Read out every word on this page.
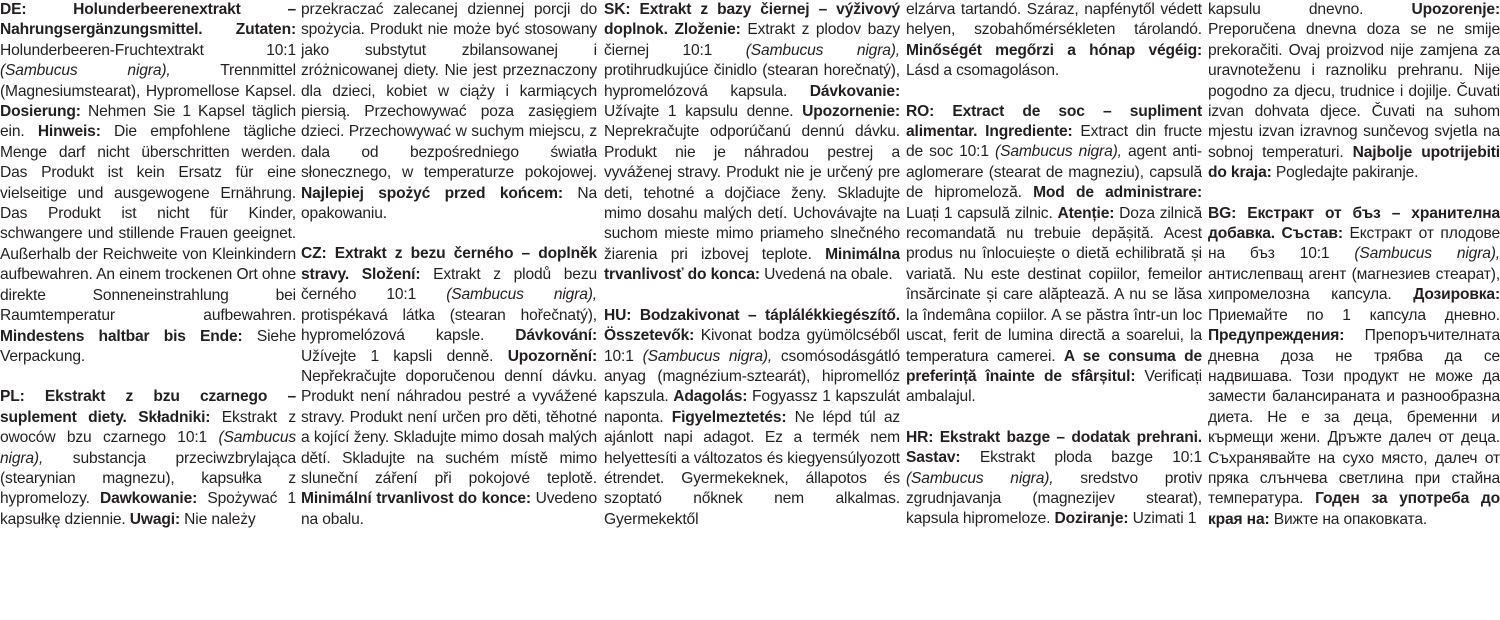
DE: Holunderbeerenextrakt – Nahrungsergänzungsmittel. Zutaten: Holunderbeeren-Fruchtextrakt 10:1 (Sambucus nigra), Trennmittel (Magnesiumstearat), Hypromellose Kapsel. Dosierung: Nehmen Sie 1 Kapsel täglich ein. Hinweis: Die empfohlene tägliche Menge darf nicht überschritten werden. Das Produkt ist kein Ersatz für eine vielseitige und ausgewogene Ernährung. Das Produkt ist nicht für Kinder, schwangere und stillende Frauen geeignet. Außerhalb der Reichweite von Kleinkindern aufbewahren. An einem trockenen Ort ohne direkte Sonneneinstrahlung bei Raumtemperatur aufbewahren. Mindestens haltbar bis Ende: Siehe Verpackung.

PL: Ekstrakt z bzu czarnego – suplement diety. Składniki: Ekstrakt z owoców bzu czarnego 10:1 (Sambucus nigra), substancja przeciwzbrylająca (stearynian magnezu), kapsułka z hypromelozy. Dawkowanie: Spożywać 1 kapsułkę dziennie. Uwagi: Nie należy

przekraczać zalecanej dziennej porcji do spożycia. Produkt nie może być stosowany jako substytut zbilansowanej i zróżnicowanej diety. Nie jest przeznaczony dla dzieci, kobiet w ciąży i karmiących piersią. Przechowywać poza zasięgiem dzieci. Przechowywać w suchym miejscu, z dala od bezpośredniego światła słonecznego, w temperaturze pokojowej. Najlepiej spożyć przed końcem: Na opakowaniu.

CZ: Extrakt z bezu černého – doplněk stravy. Složení: Extrakt z plodů bezu černého 10:1 (Sambucus nigra), protispékavá látka (stearan hořečnatý), hypromelózová kapsle. Dávkování: Užívejte 1 kapsli denně. Upozornění: Nepřekračujte doporučenou denní dávku. Produkt není náhradou pestré a vyvážené stravy. Produkt není určen pro děti, těhotné a kojící ženy. Skladujte mimo dosah malých dětí. Skladujte na suchém místě mimo sluneční záření při pokojové teplotě. Minimální trvanlivost do konce: Uvedeno na obalu.

SK: Extrakt z bazy čiernej – výživový doplnok. Zloženie: Extrakt z plodov bazy čiernej 10:1 (Sambucus nigra), protihrudkujúce činidlo (stearan horečnatý), hypromelózová kapsula. Dávkovanie: Užívajte 1 kapsulu denne. Upozornenie: Neprekračujte odporúčanú dennú dávku. Produkt nie je náhradou pestrej a vyváženej stravy. Produkt nie je určený pre deti, tehotné a dojčiace ženy. Skladujte mimo dosahu malých detí. Uchovávajte na suchom mieste mimo priameho slnečného žiarenia pri izbovej teplote. Minimálna trvanlivosť do konca: Uvedená na obale.

HU: Bodzakivonat – táplálékkiegészítő. Összetevők: Kivonat bodza gyümölcséből 10:1 (Sambucus nigra), csomósodásgátló anyag (magnézium-sztearát), hipromellóz kapszula. Adagolás: Fogyassz 1 kapszulát naponta. Figyelmeztetés: Ne lépd túl az ajánlott napi adagot. Ez a termék nem helyettesíti a változatos és kiegyensúlyozott étrendet. Gyermekeknek, állapotos és szoptató nőknek nem alkalmas. Gyermekektől

elzárva tartandó. Száraz, napfénytől védett helyen, szobahőmérsékleten tárolandó. Minőségét megőrzi a hónap végéig: Lásd a csomagoláson.

RO: Extract de soc – supliment alimentar. Ingrediente: Extract din fructe de soc 10:1 (Sambucus nigra), agent anti-aglomerare (stearat de magneziu), capsulă de hipromeloză. Mod de administrare: Luați 1 capsulă zilnic. Atenție: Doza zilnică recomandată nu trebuie depășită. Acest produs nu înlocuiește o dietă echilibrată și variată. Nu este destinat copiilor, femeilor însărcinate și care alăptează. A nu se lăsa la îndemâna copiilor. A se păstra într-un loc uscat, ferit de lumina directă a soarelui, la temperatura camerei. A se consuma de preferință înainte de sfârșitul: Verificați ambalajul.

HR: Ekstrakt bazge – dodatak prehrani. Sastav: Ekstrakt ploda bazge 10:1 (Sambucus nigra), sredstvo protiv zgrudnjavanja (magnezijev stearat), kapsula hipromeloze. Doziranje: Uzimati 1

kapsulu dnevno. Upozorenje: Preporučena dnevna doza se ne smije prekoračiti. Ovaj proizvod nije zamjena za uravnoteženu i raznoliku prehranu. Nije pogodno za djecu, trudnice i dojilje. Čuvati izvan dohvata djece. Čuvati na suhom mjestu izvan izravnog sunčevog svjetla na sobnoj temperaturi. Najbolje upotrijebiti do kraja: Pogledajte pakiranje.

BG: Екстракт от бъз – хранителна добавка. Състав: Екстракт от плодове на бъз 10:1 (Sambucus nigra), антислепващ агент (магнезиев стеарат), хипромелозна капсула. Дозировка: Приемайте по 1 капсула дневно. Предупреждения: Препоръчителната дневна доза не трябва да се надвишава. Този продукт не може да замести балансираната и разнообразна диета. Не е за деца, бременни и кърмещи жени. Дръжте далеч от деца. Съхранявайте на сухо място, далеч от пряка слънчева светлина при стайна температура. Годен за употреба до края на: Вижте на опаковката.
